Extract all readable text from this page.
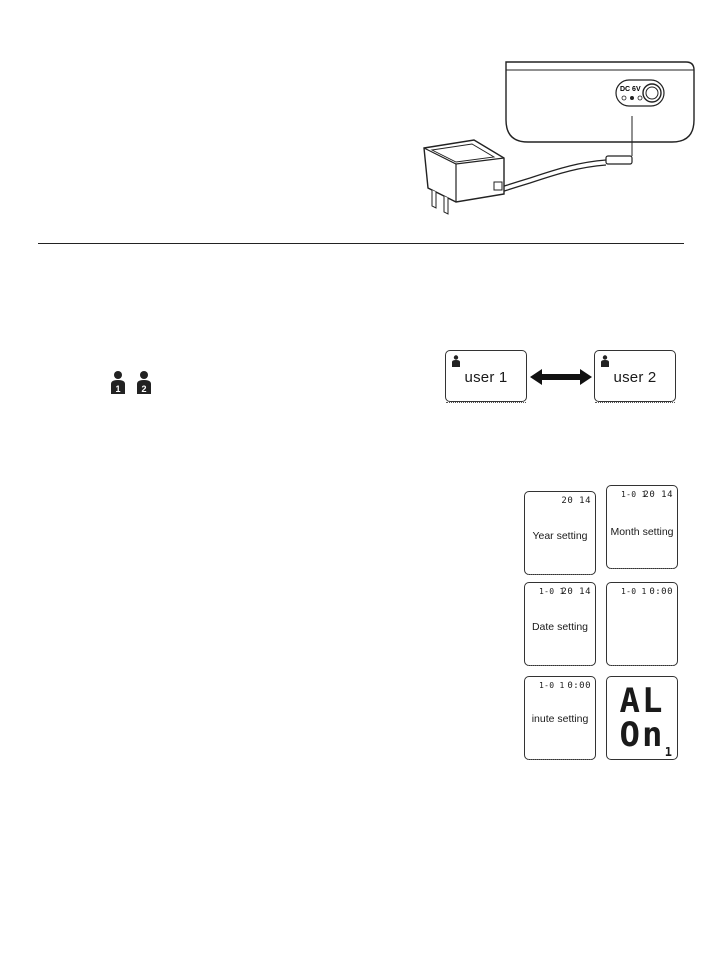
DC 6V
1 2
user 1	user 2
20 14
Year setting
1‐0 1
20 14
Month setting
1‐0 1
20 14
Date setting
1‐0 1 0:00
1‐0 1 0:00
inute setting AL
On 1
